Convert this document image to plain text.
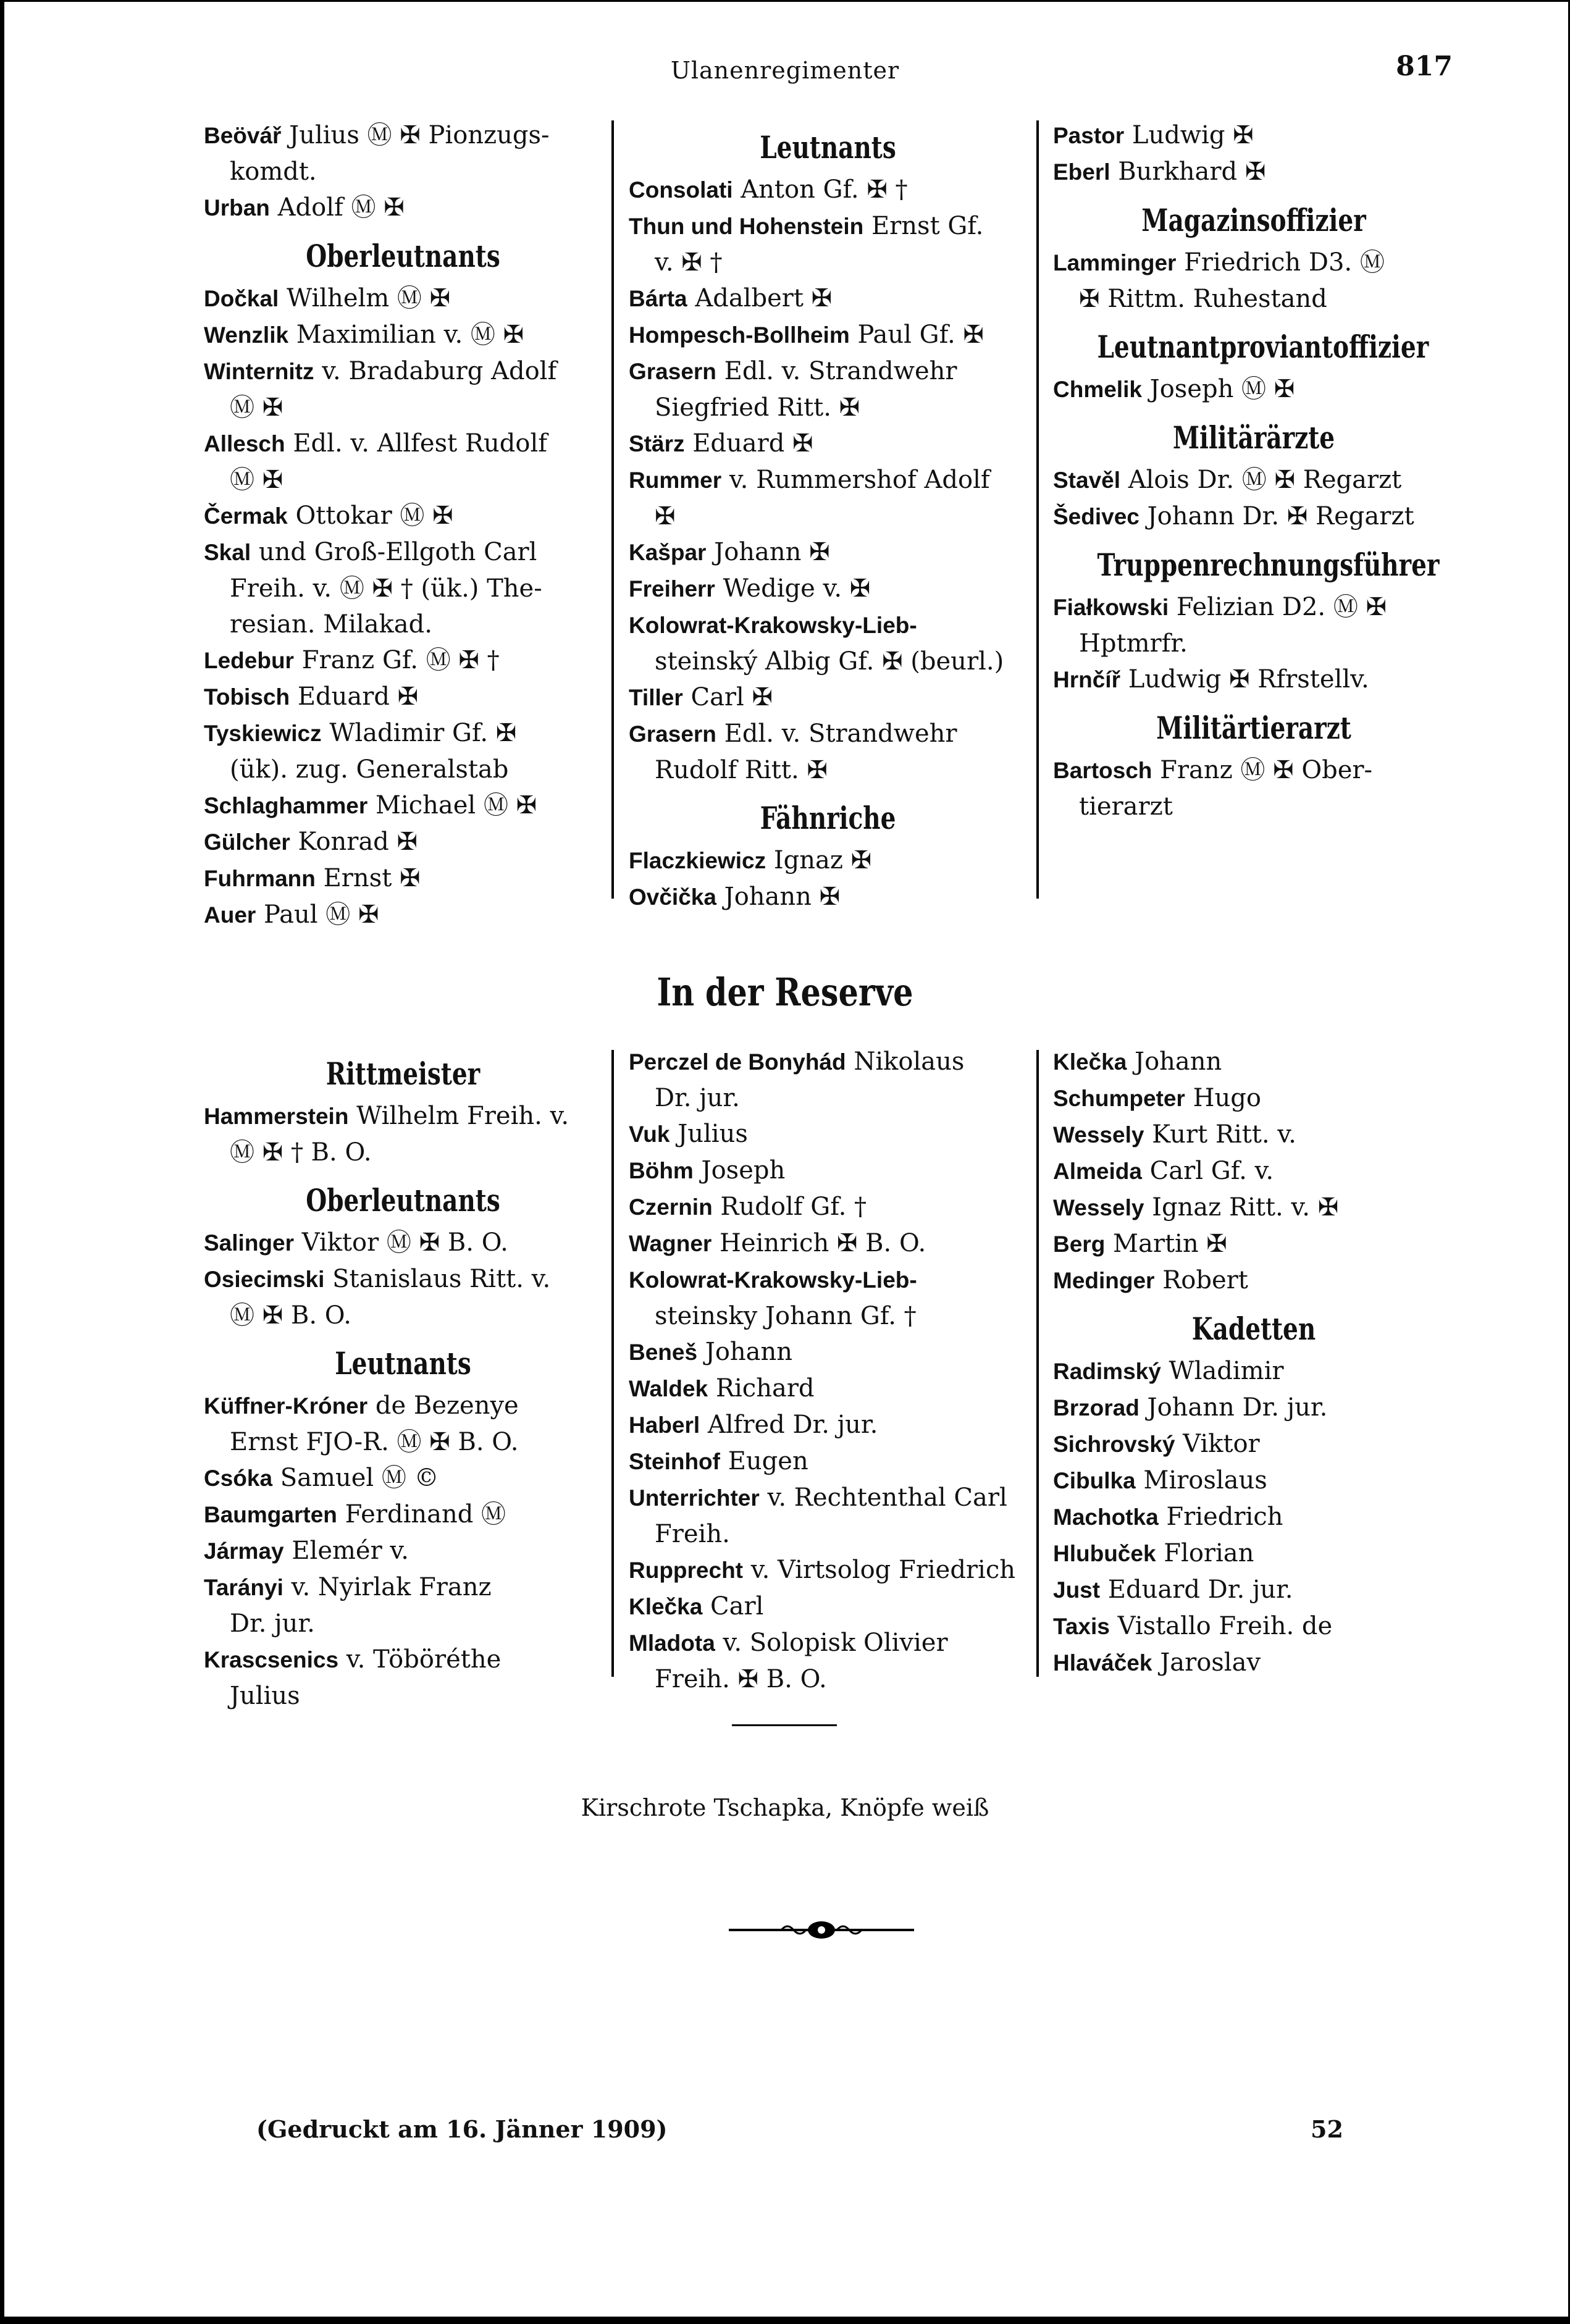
Ulanenregimenter	817
Beövář Julius Ⓜ ✠ Pionzugs-
komdt.
Urban Adolf Ⓜ ✠
Oberleutnants
Dočkal Wilhelm Ⓜ ✠
Wenzlik Maximilian v. Ⓜ ✠
Winternitz v. Bradaburg Adolf
Ⓜ ✠
Allesch Edl. v. Allfest Rudolf
Ⓜ ✠
Čermak Ottokar Ⓜ ✠
Skal und Groß-Ellgoth Carl
Freih. v. Ⓜ ✠ † (ük.) The-
resian. Milakad.
Ledebur Franz Gf. Ⓜ ✠ †
Tobisch Eduard ✠
Tyskiewicz Wladimir Gf. ✠
(ük). zug. Generalstab
Schlaghammer Michael Ⓜ ✠
Gülcher Konrad ✠
Fuhrmann Ernst ✠
Auer Paul Ⓜ ✠
Leutnants
Consolati Anton Gf. ✠ †
Thun und Hohenstein Ernst Gf.
v. ✠ †
Bárta Adalbert ✠
Hompesch-Bollheim Paul Gf. ✠
Grasern Edl. v. Strandwehr
Siegfried Ritt. ✠
Stärz Eduard ✠
Rummer v. Rummershof Adolf
✠
Kašpar Johann ✠
Freiherr Wedige v. ✠
Kolowrat-Krakowsky-Lieb-
steinský Albig Gf. ✠ (beurl.)
Tiller Carl ✠
Grasern Edl. v. Strandwehr
Rudolf Ritt. ✠
Fähnriche
Flaczkiewicz Ignaz ✠
Ovčička Johann ✠
Pastor Ludwig ✠
Eberl Burkhard ✠
Magazinsoffizier
Lamminger Friedrich D3. Ⓜ
✠ Rittm. Ruhestand
Leutnantproviantoffizier
Chmelik Joseph Ⓜ ✠
Militärärzte
Stavěl Alois Dr. Ⓜ ✠ Regarzt
Šedivec Johann Dr. ✠ Regarzt
Truppenrechnungsführer
Fiałkowski Felizian D2. Ⓜ ✠
Hptmrfr.
Hrnčíř Ludwig ✠ Rfrstellv.
Militärtierarzt
Bartosch Franz Ⓜ ✠ Ober-
tierarzt
In der Reserve
Rittmeister
Hammerstein Wilhelm Freih. v.
Ⓜ ✠ † B. O.
Oberleutnants
Salinger Viktor Ⓜ ✠ B. O.
Osiecimski Stanislaus Ritt. v.
Ⓜ ✠ B. O.
Leutnants
Küffner-Króner de Bezenye
Ernst FJO-R. Ⓜ ✠ B. O.
Csóka Samuel Ⓜ ©
Baumgarten Ferdinand Ⓜ
Jármay Elemér v.
Tarányi v. Nyirlak Franz
Dr. jur.
Krascsenics v. Töböréthe
Julius
Perczel de Bonyhád Nikolaus
Dr. jur.
Vuk Julius
Böhm Joseph
Czernin Rudolf Gf. †
Wagner Heinrich ✠ B. O.
Kolowrat-Krakowsky-Lieb-
steinsky Johann Gf. †
Beneš Johann
Waldek Richard
Haberl Alfred Dr. jur.
Steinhof Eugen
Unterrichter v. Rechtenthal Carl
Freih.
Rupprecht v. Virtsolog Friedrich
Klečka Carl
Mladota v. Solopisk Olivier
Freih. ✠ B. O.
Klečka Johann
Schumpeter Hugo
Wessely Kurt Ritt. v.
Almeida Carl Gf. v.
Wessely Ignaz Ritt. v. ✠
Berg Martin ✠
Medinger Robert
Kadetten
Radimský Wladimir
Brzorad Johann Dr. jur.
Sichrovský Viktor
Cibulka Miroslaus
Machotka Friedrich
Hlubuček Florian
Just Eduard Dr. jur.
Taxis Vistallo Freih. de
Hlaváček Jaroslav
Kirschrote Tschapka, Knöpfe weiß
(Gedruckt am 16. Jänner 1909)	52
